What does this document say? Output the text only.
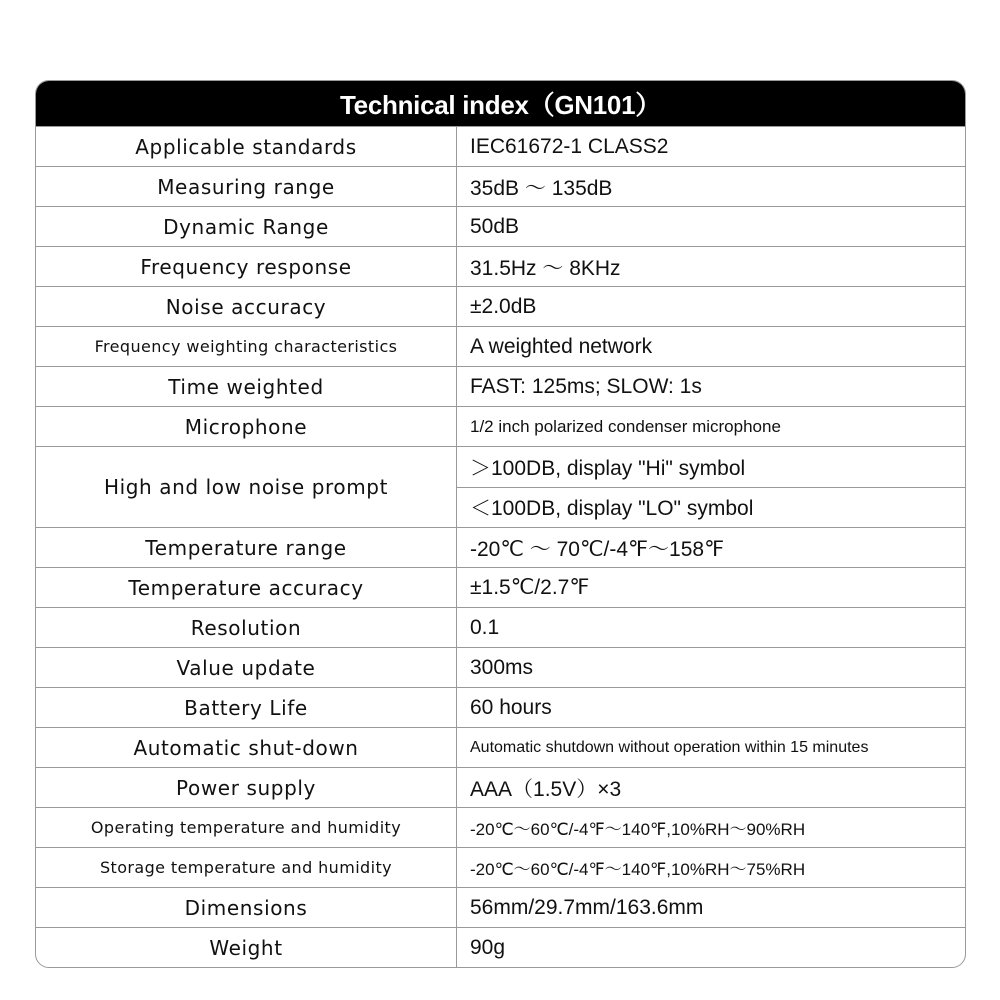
Technical index（GN101）
Applicable standards	IEC61672-1 CLASS2
Measuring range	35dB ～ 135dB
Dynamic Range	50dB
Frequency response	31.5Hz ～ 8KHz
Noise accuracy	±2.0dB
Frequency weighting characteristics	A weighted network
Time weighted	FAST: 125ms; SLOW: 1s
Microphone	1/2 inch polarized condenser microphone
High and low noise prompt
＞100DB, display "Hi" symbol
＜100DB, display "LO" symbol
Temperature range	-20℃ ～ 70℃/-4℉～158℉
Temperature accuracy	±1.5℃/2.7℉
Resolution	0.1
Value update	300ms
Battery Life	60 hours
Automatic shut-down	Automatic shutdown without operation within 15 minutes
Power supply	AAA（1.5V）×3
Operating temperature and humidity	-20℃～60℃/-4℉～140℉,10%RH～90%RH
Storage temperature and humidity	-20℃～60℃/-4℉～140℉,10%RH～75%RH
Dimensions	56mm/29.7mm/163.6mm
Weight	90g
